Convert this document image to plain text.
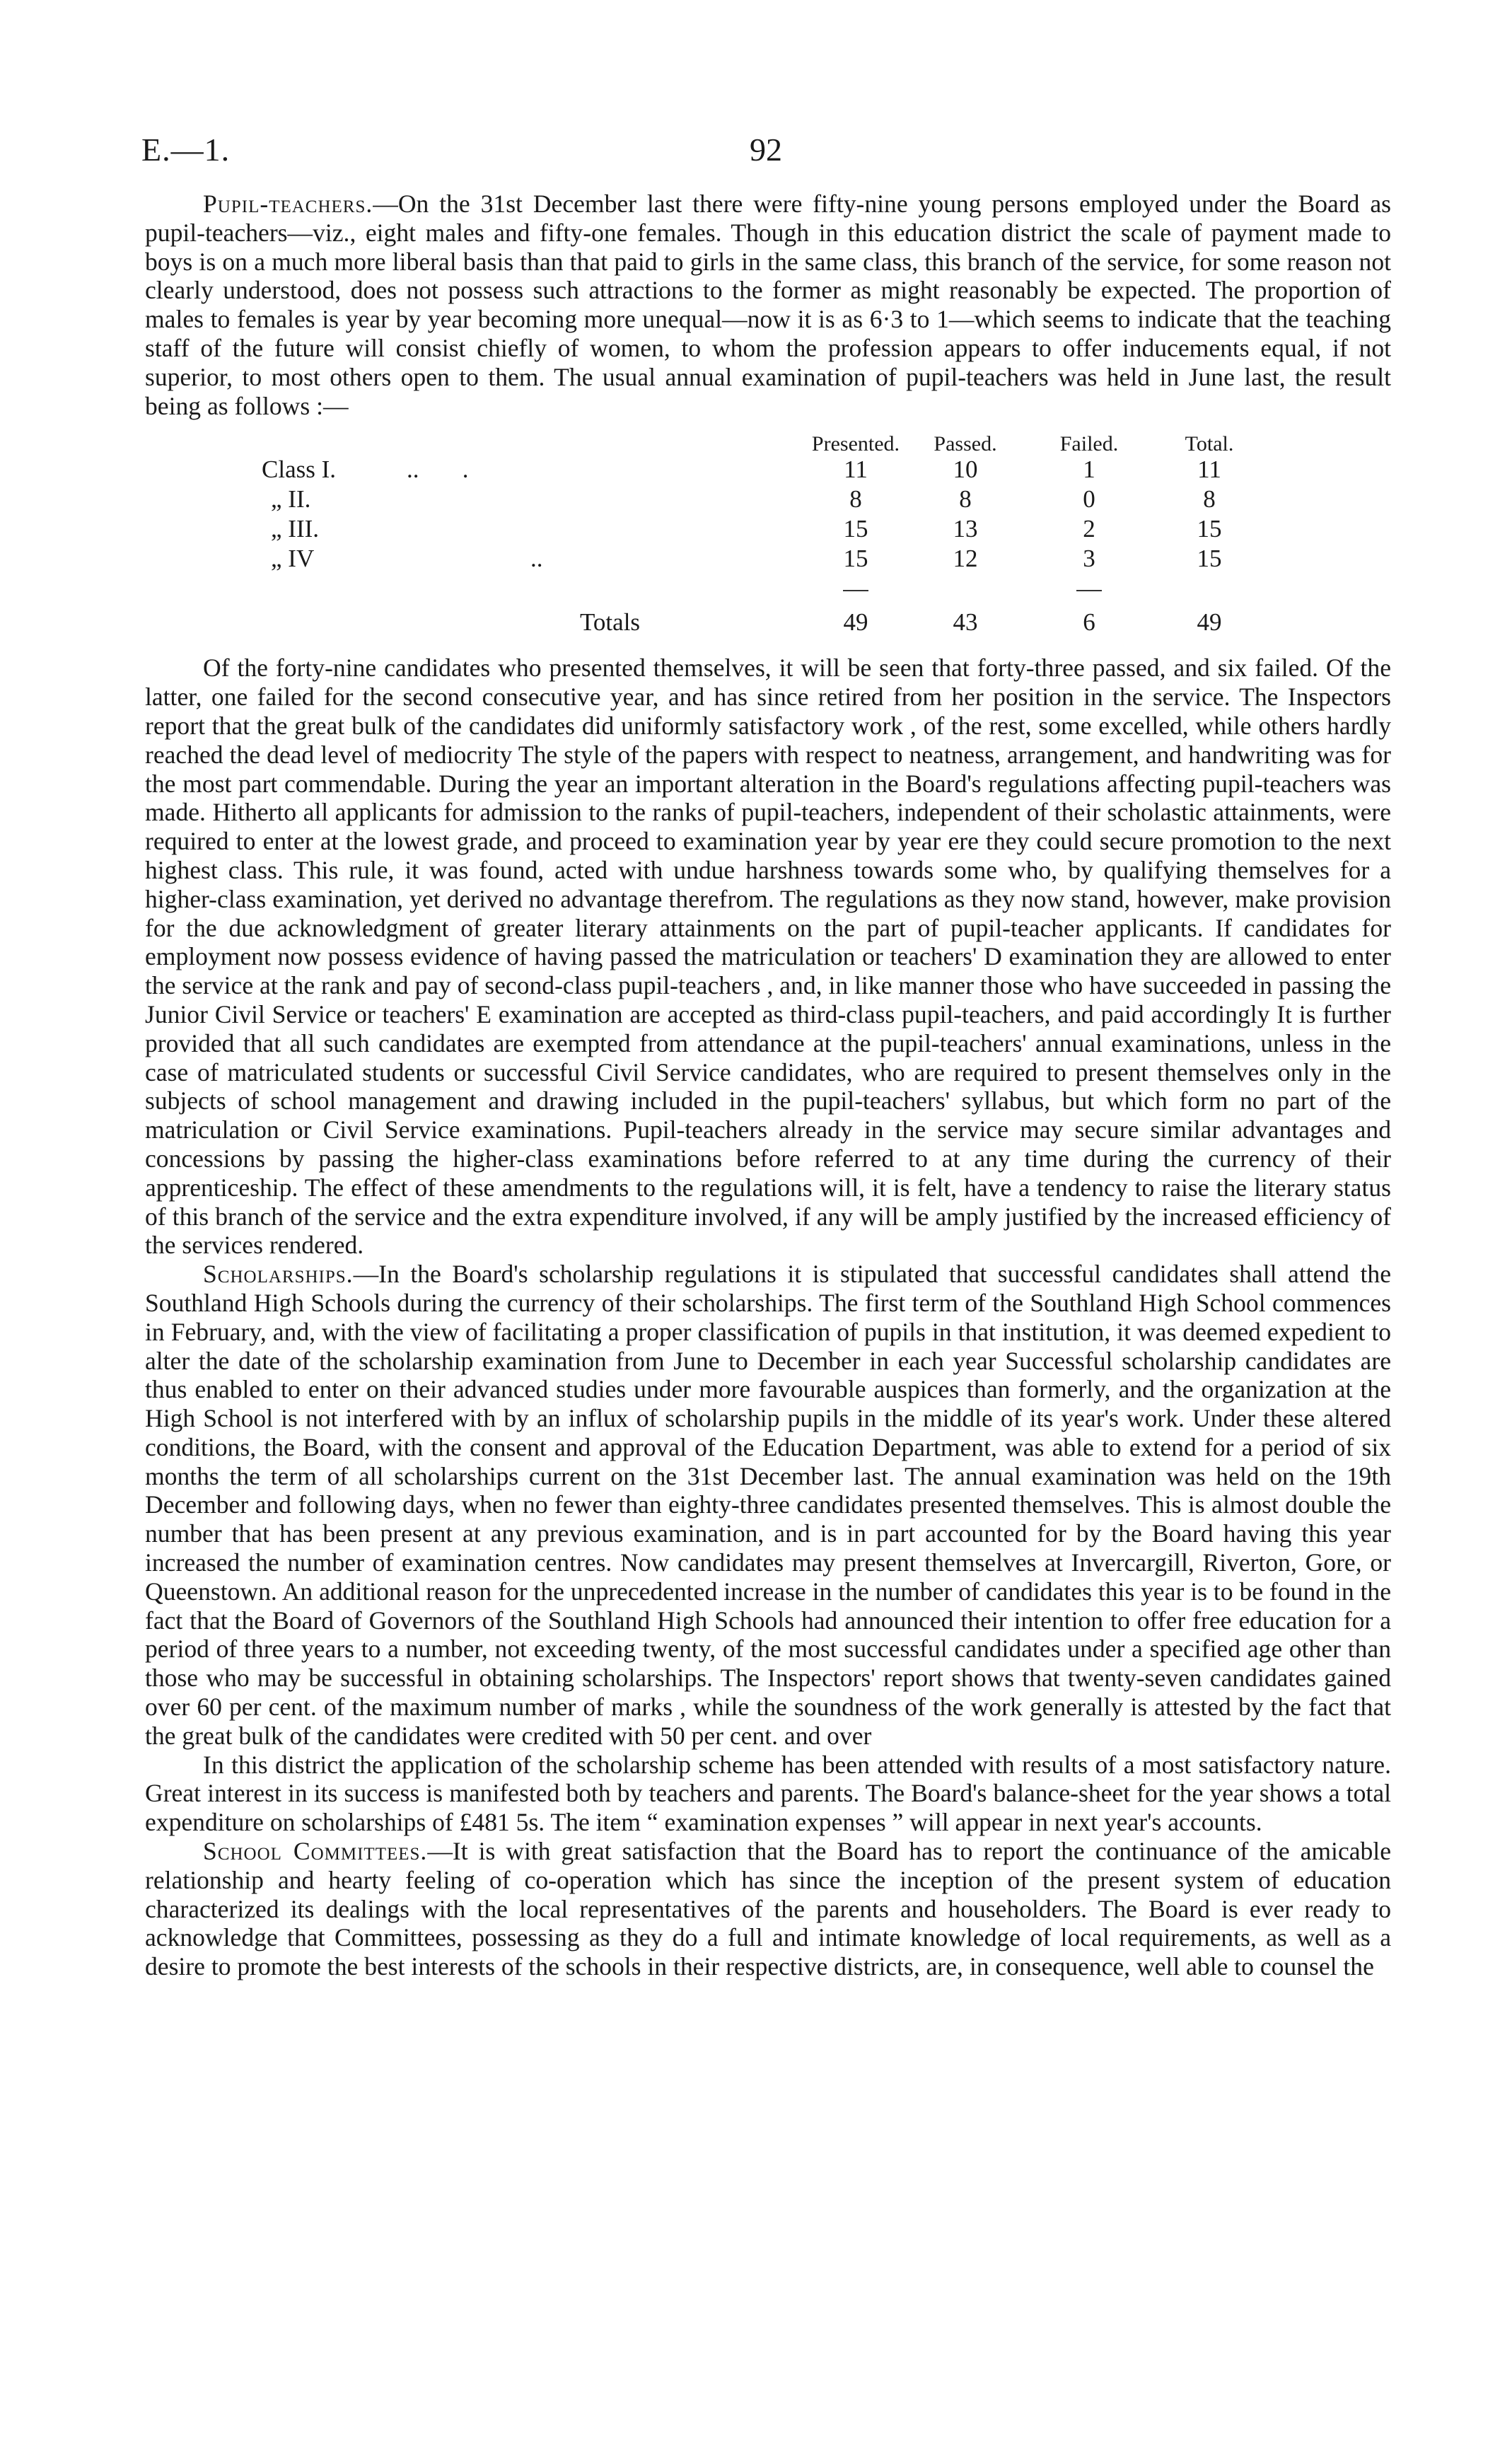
E.—1.	92

Pupil-teachers.—On the 31st December last there were fifty-nine young persons employed under the Board as pupil-teachers—viz., eight males and fifty-one females. Though in this education district the scale of payment made to boys is on a much more liberal basis than that paid to girls in the same class, this branch of the service, for some reason not clearly understood, does not possess such attractions to the former as might reasonably be expected. The proportion of males to females is year by year becoming more unequal—now it is as 6·3 to 1—which seems to indicate that the teaching staff of the future will consist chiefly of women, to whom the profession appears to offer inducements equal, if not superior, to most others open to them. The usual annual examination of pupil-teachers was held in June last, the result being as follows :—

Presented.	Passed.	Failed.	Total.
Class I.	..       .	11	10	1	11
„ II.	8	8	0	8
„ III.	15	13	2	15
„ IV	..	15	12	3	15
Totals	49	43	6	49

Of the forty-nine candidates who presented themselves, it will be seen that forty-three passed, and six failed. Of the latter, one failed for the second consecutive year, and has since retired from her position in the service. The Inspectors report that the great bulk of the candidates did uniformly satisfactory work , of the rest, some excelled, while others hardly reached the dead level of mediocrity The style of the papers with respect to neatness, arrangement, and handwriting was for the most part commendable. During the year an important alteration in the Board's regulations affecting pupil-teachers was made. Hitherto all applicants for admission to the ranks of pupil-teachers, independent of their scholastic attainments, were required to enter at the lowest grade, and proceed to examination year by year ere they could secure promotion to the next highest class. This rule, it was found, acted with undue harshness towards some who, by qualifying themselves for a higher-class examination, yet derived no advantage therefrom. The regulations as they now stand, however, make provision for the due acknowledgment of greater literary attainments on the part of pupil-teacher applicants. If candidates for employment now possess evidence of having passed the matriculation or teachers' D examination they are allowed to enter the service at the rank and pay of second-class pupil-teachers , and, in like manner those who have succeeded in passing the Junior Civil Service or teachers' E examination are accepted as third-class pupil-teachers, and paid accordingly It is further provided that all such candidates are exempted from attendance at the pupil-teachers' annual examinations, unless in the case of matriculated students or successful Civil Service candidates, who are required to present themselves only in the subjects of school management and drawing included in the pupil-teachers' syllabus, but which form no part of the matriculation or Civil Service examinations. Pupil-teachers already in the service may secure similar advantages and concessions by passing the higher-class examinations before referred to at any time during the currency of their apprenticeship. The effect of these amendments to the regulations will, it is felt, have a tendency to raise the literary status of this branch of the service and the extra expenditure involved, if any will be amply justified by the increased efficiency of the services rendered.

Scholarships.—In the Board's scholarship regulations it is stipulated that successful candidates shall attend the Southland High Schools during the currency of their scholarships. The first term of the Southland High School commences in February, and, with the view of facilitating a proper classification of pupils in that institution, it was deemed expedient to alter the date of the scholarship examination from June to December in each year Successful scholarship candidates are thus enabled to enter on their advanced studies under more favourable auspices than formerly, and the organization at the High School is not interfered with by an influx of scholarship pupils in the middle of its year's work. Under these altered conditions, the Board, with the consent and approval of the Education Department, was able to extend for a period of six months the term of all scholarships current on the 31st December last. The annual examination was held on the 19th December and following days, when no fewer than eighty-three candidates presented themselves. This is almost double the number that has been present at any previous examination, and is in part accounted for by the Board having this year increased the number of examination centres. Now candidates may present themselves at Invercargill, Riverton, Gore, or Queenstown. An additional reason for the unprecedented increase in the number of candidates this year is to be found in the fact that the Board of Governors of the Southland High Schools had announced their intention to offer free education for a period of three years to a number, not exceeding twenty, of the most successful candidates under a specified age other than those who may be successful in obtaining scholarships. The Inspectors' report shows that twenty-seven candidates gained over 60 per cent. of the maximum number of marks , while the soundness of the work generally is attested by the fact that the great bulk of the candidates were credited with 50 per cent. and over

In this district the application of the scholarship scheme has been attended with results of a most satisfactory nature. Great interest in its success is manifested both by teachers and parents. The Board's balance-sheet for the year shows a total expenditure on scholarships of £481 5s. The item “ examination expenses ” will appear in next year's accounts.

School Committees.—It is with great satisfaction that the Board has to report the continuance of the amicable relationship and hearty feeling of co-operation which has since the inception of the present system of education characterized its dealings with the local representatives of the parents and householders. The Board is ever ready to acknowledge that Committees, possessing as they do a full and intimate knowledge of local requirements, as well as a desire to promote the best interests of the schools in their respective districts, are, in consequence, well able to counsel the
